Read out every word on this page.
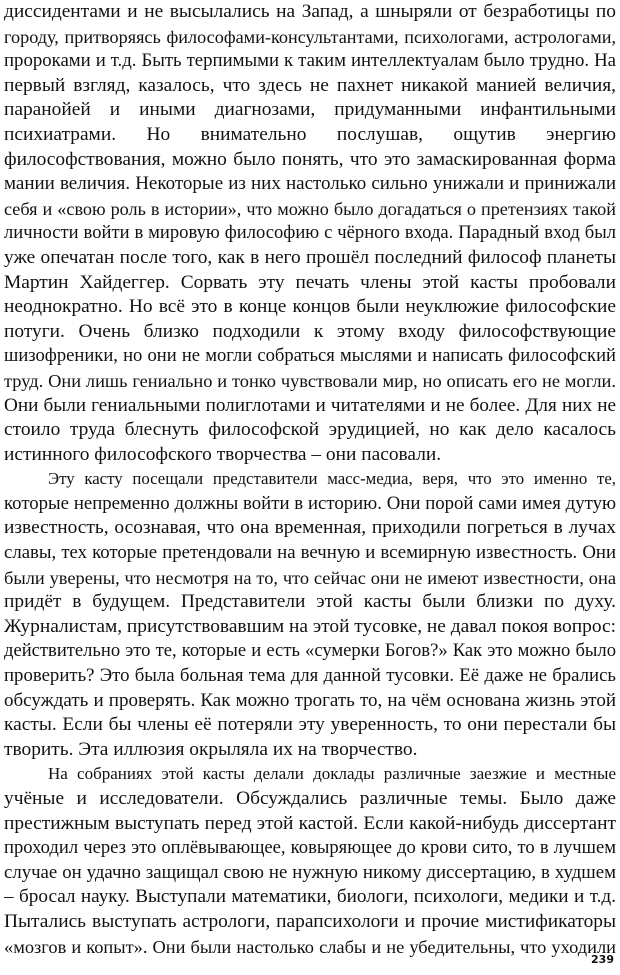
диссидентами и не высылались на Запад, а шныряли от безработицы по
городу, притворяясь философами-консультантами, психологами, астрологами,
пророками и т.д. Быть терпимыми к таким интеллектуалам было трудно. На
первый взгляд, казалось, что здесь не пахнет никакой манией величия,
паранойей и иными диагнозами, придуманными инфантильными
психиатрами. Но внимательно послушав, ощутив энергию
философствования, можно было понять, что это замаскированная форма
мании величия. Некоторые из них настолько сильно унижали и принижали
себя и «свою роль в истории», что можно было догадаться о претензиях такой
личности войти в мировую философию с чёрного входа. Парадный вход был
уже опечатан после того, как в него прошёл последний философ планеты
Мартин Хайдеггер. Сорвать эту печать члены этой касты пробовали
неоднократно. Но всё это в конце концов были неуклюжие философские
потуги. Очень близко подходили к этому входу философствующие
шизофреники, но они не могли собраться мыслями и написать философский
труд. Они лишь гениально и тонко чувствовали мир, но описать его не могли.
Они были гениальными полиглотами и читателями и не более. Для них не
стоило труда блеснуть философской эрудицией, но как дело касалось
истинного философского творчества – они пасовали.
Эту касту посещали представители масс-медиа, веря, что это именно те,
которые непременно должны войти в историю. Они порой сами имея дутую
известность, осознавая, что она временная, приходили погреться в лучах
славы, тех которые претендовали на вечную и всемирную известность. Они
были уверены, что несмотря на то, что сейчас они не имеют известности, она
придёт в будущем. Представители этой касты были близки по духу.
Журналистам, присутствовавшим на этой тусовке, не давал покоя вопрос:
действительно это те, которые и есть «сумерки Богов?» Как это можно было
проверить? Это была больная тема для данной тусовки. Её даже не брались
обсуждать и проверять. Как можно трогать то, на чём основана жизнь этой
касты. Если бы члены её потеряли эту уверенность, то они перестали бы
творить. Эта иллюзия окрыляла их на творчество.
На собраниях этой касты делали доклады различные заезжие и местные
учёные и исследователи. Обсуждались различные темы. Было даже
престижным выступать перед этой кастой. Если какой-нибудь диссертант
проходил через это оплёвывающее, ковыряющее до крови сито, то в лучшем
случае он удачно защищал свою не нужную никому диссертацию, в худшем
– бросал науку. Выступали математики, биологи, психологи, медики и т.д.
Пытались выступать астрологи, парапсихологи и прочие мистификаторы
«мозгов и копыт». Они были настолько слабы и не убедительны, что уходили
239
